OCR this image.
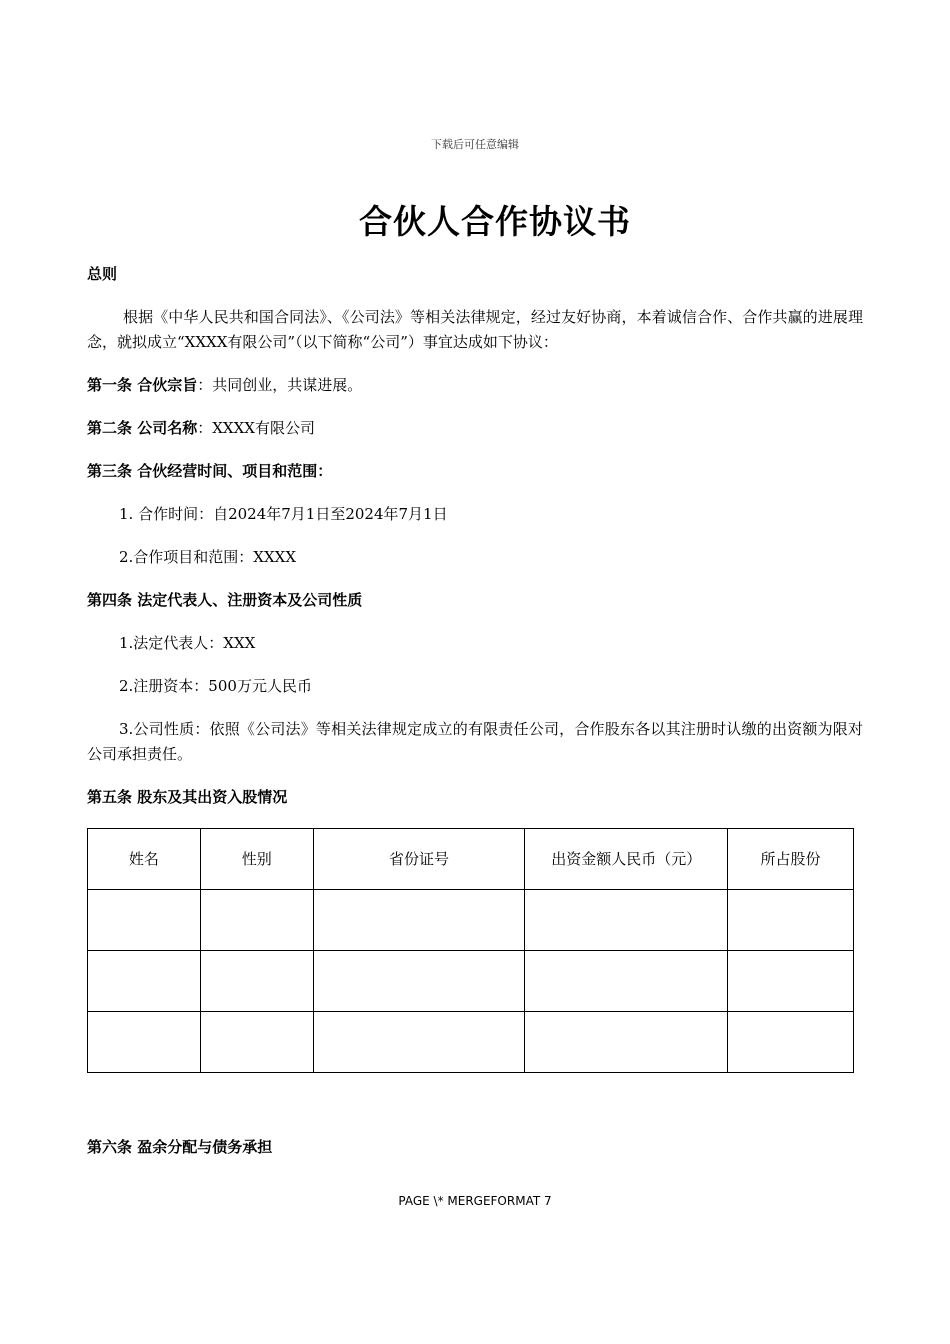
下载后可任意编辑
合伙人合作协议书
总则
根据《中华人民共和国合同法》、《公司法》等相关法律规定，经过友好协商，本着诚信合作、合作共赢的进展理念，就拟成立“XXXX有限公司”（以下简称“公司”）事宜达成如下协议：
第一条 合伙宗旨：共同创业，共谋进展。
第二条 公司名称：XXXX有限公司
第三条 合伙经营时间、项目和范围：
1. 合作时间：自2024年7月1日至2024年7月1日
2.合作项目和范围：XXXX
第四条 法定代表人、注册资本及公司性质
1.法定代表人：XXX
2.注册资本：500万元人民币
3.公司性质：依照《公司法》等相关法律规定成立的有限责任公司，合作股东各以其注册时认缴的出资额为限对公司承担责任。
第五条 股东及其出资入股情况
姓名	性别	省份证号	出资金额人民币（元）	所占股份

第六条 盈余分配与债务承担
PAGE \* MERGEFORMAT 7
